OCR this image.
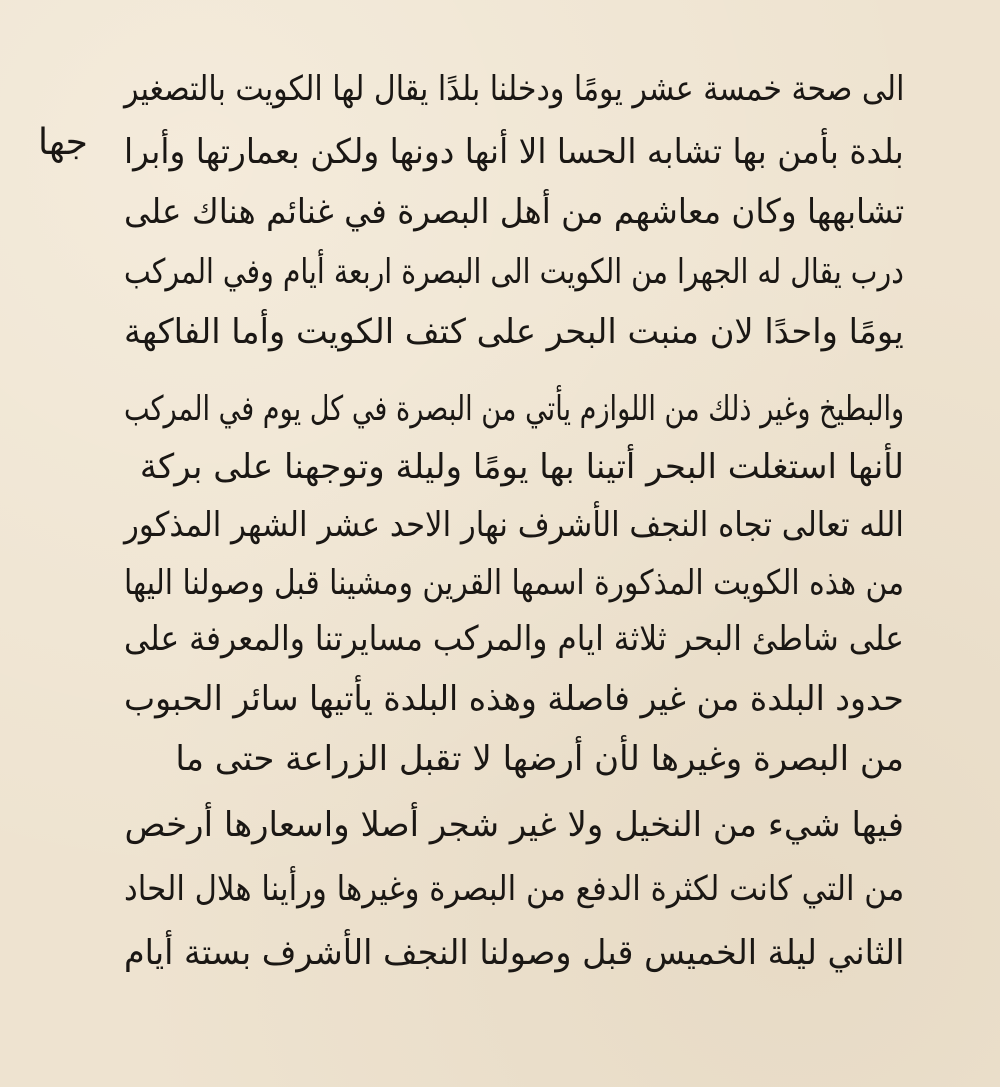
جها
الى صحة خمسة عشر يومًا ودخلنا بلدًا يقال لها الكويت بالتصغير
بلدة بأمن بها تشابه الحسا الا أنها دونها ولكن بعمارتها وأبرا
تشابهها وكان معاشهم من أهل البصرة في غنائم هناك على
درب يقال له الجهرا من الكويت الى البصرة اربعة أيام وفي المركب
يومًا واحدًا لان منبت البحر على كتف الكويت وأما الفاكهة
والبطيخ وغير ذلك من اللوازم يأتي من البصرة في كل يوم في المركب
لأنها استغلت البحر أتينا بها يومًا وليلة وتوجهنا على بركة
الله تعالى تجاه النجف الأشرف نهار الاحد عشر الشهر المذكور
من هذه الكويت المذكورة اسمها القرين ومشينا قبل وصولنا اليها
على شاطئ البحر ثلاثة ايام والمركب مسايرتنا والمعرفة على
حدود البلدة من غير فاصلة وهذه البلدة يأتيها سائر الحبوب
من البصرة وغيرها لأن أرضها لا تقبل الزراعة حتى ما
فيها شيء من النخيل ولا غير شجر أصلا واسعارها أرخص
من التي كانت لكثرة الدفع من البصرة وغيرها ورأينا هلال الحاد
الثاني ليلة الخميس قبل وصولنا النجف الأشرف بستة أيام
